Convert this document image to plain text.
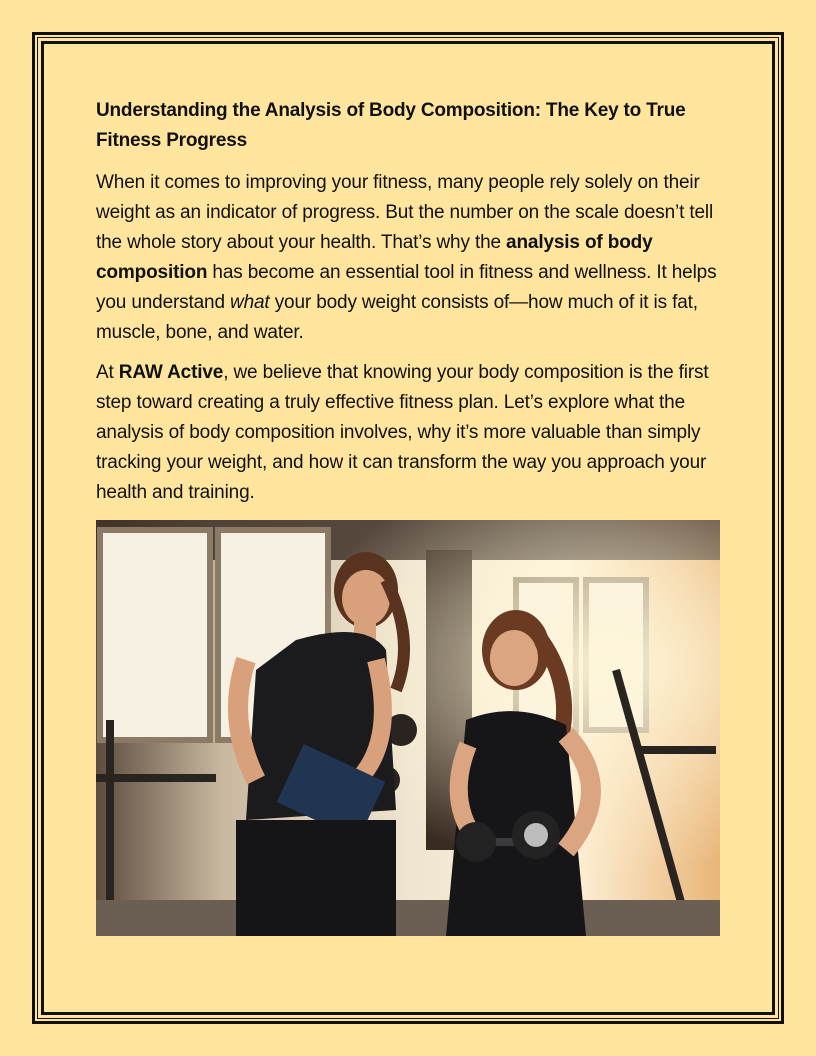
Understanding the Analysis of Body Composition: The Key to True Fitness Progress

When it comes to improving your fitness, many people rely solely on their weight as an indicator of progress. But the number on the scale doesn’t tell the whole story about your health. That’s why the analysis of body composition has become an essential tool in fitness and wellness. It helps you understand what your body weight consists of—how much of it is fat, muscle, bone, and water.

At RAW Active, we believe that knowing your body composition is the first step toward creating a truly effective fitness plan. Let’s explore what the analysis of body composition involves, why it’s more valuable than simply tracking your weight, and how it can transform the way you approach your health and training.
